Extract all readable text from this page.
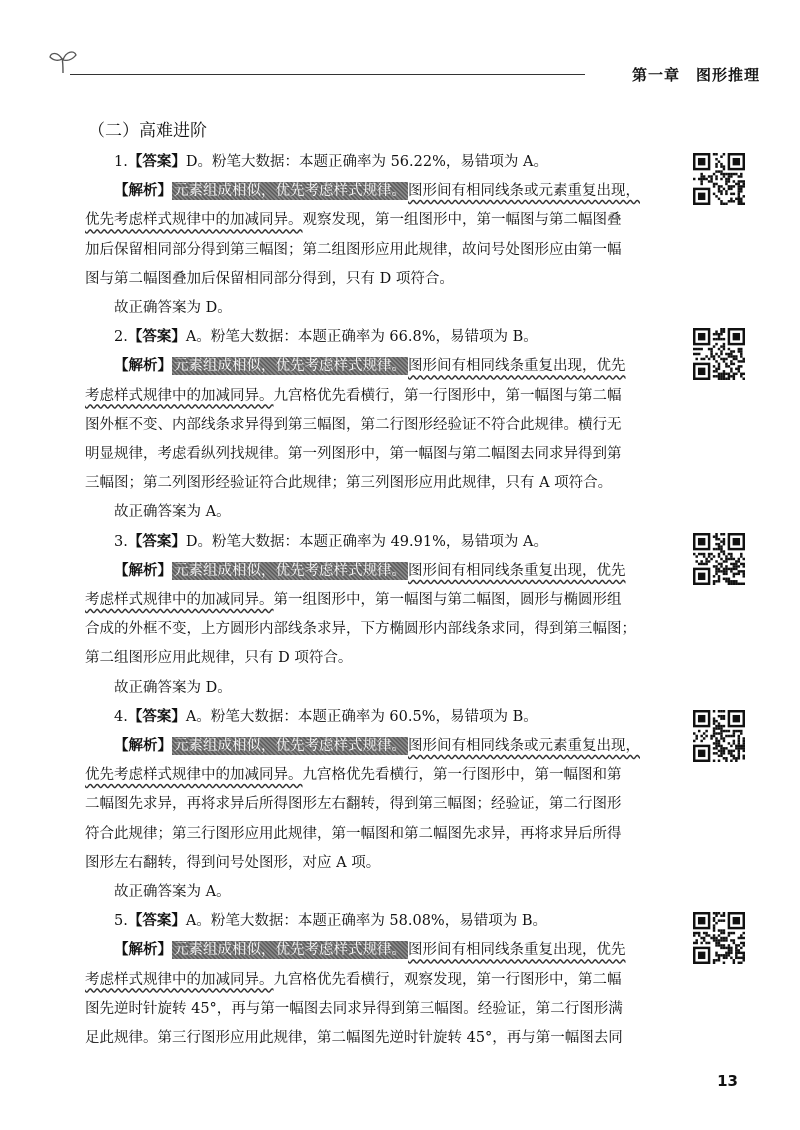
第一章　图形推理
（二）高难进阶
1.【答案】D。粉笔大数据：本题正确率为 56.22%，易错项为 A。
【解析】 元素组成相似，优先考虑样式规律。 图形间有相同线条或元素重复出现，
优先考虑样式规律中的加减同异。观察发现，第一组图形中，第一幅图与第二幅图叠
加后保留相同部分得到第三幅图；第二组图形应用此规律，故问号处图形应由第一幅
图与第二幅图叠加后保留相同部分得到，只有 D 项符合。
故正确答案为 D。
2.【答案】A。粉笔大数据：本题正确率为 66.8%，易错项为 B。
【解析】 元素组成相似，优先考虑样式规律。 图形间有相同线条重复出现，优先
考虑样式规律中的加减同异。九宫格优先看横行，第一行图形中，第一幅图与第二幅
图外框不变、内部线条求异得到第三幅图，第二行图形经验证不符合此规律。横行无
明显规律，考虑看纵列找规律。第一列图形中，第一幅图与第二幅图去同求异得到第
三幅图；第二列图形经验证符合此规律；第三列图形应用此规律，只有 A 项符合。
故正确答案为 A。
3.【答案】D。粉笔大数据：本题正确率为 49.91%，易错项为 A。
【解析】 元素组成相似，优先考虑样式规律。 图形间有相同线条重复出现，优先
考虑样式规律中的加减同异。第一组图形中，第一幅图与第二幅图，圆形与椭圆形组
合成的外框不变，上方圆形内部线条求异，下方椭圆形内部线条求同，得到第三幅图；
第二组图形应用此规律，只有 D 项符合。
故正确答案为 D。
4.【答案】A。粉笔大数据：本题正确率为 60.5%，易错项为 B。
【解析】 元素组成相似，优先考虑样式规律。 图形间有相同线条或元素重复出现，
优先考虑样式规律中的加减同异。九宫格优先看横行，第一行图形中，第一幅图和第
二幅图先求异，再将求异后所得图形左右翻转，得到第三幅图；经验证，第二行图形
符合此规律；第三行图形应用此规律，第一幅图和第二幅图先求异，再将求异后所得
图形左右翻转，得到问号处图形，对应 A 项。
故正确答案为 A。
5.【答案】A。粉笔大数据：本题正确率为 58.08%，易错项为 B。
【解析】 元素组成相似，优先考虑样式规律。 图形间有相同线条重复出现，优先
考虑样式规律中的加减同异。九宫格优先看横行，观察发现，第一行图形中，第二幅
图先逆时针旋转 45°，再与第一幅图去同求异得到第三幅图。经验证，第二行图形满
足此规律。第三行图形应用此规律，第二幅图先逆时针旋转 45°，再与第一幅图去同
13
